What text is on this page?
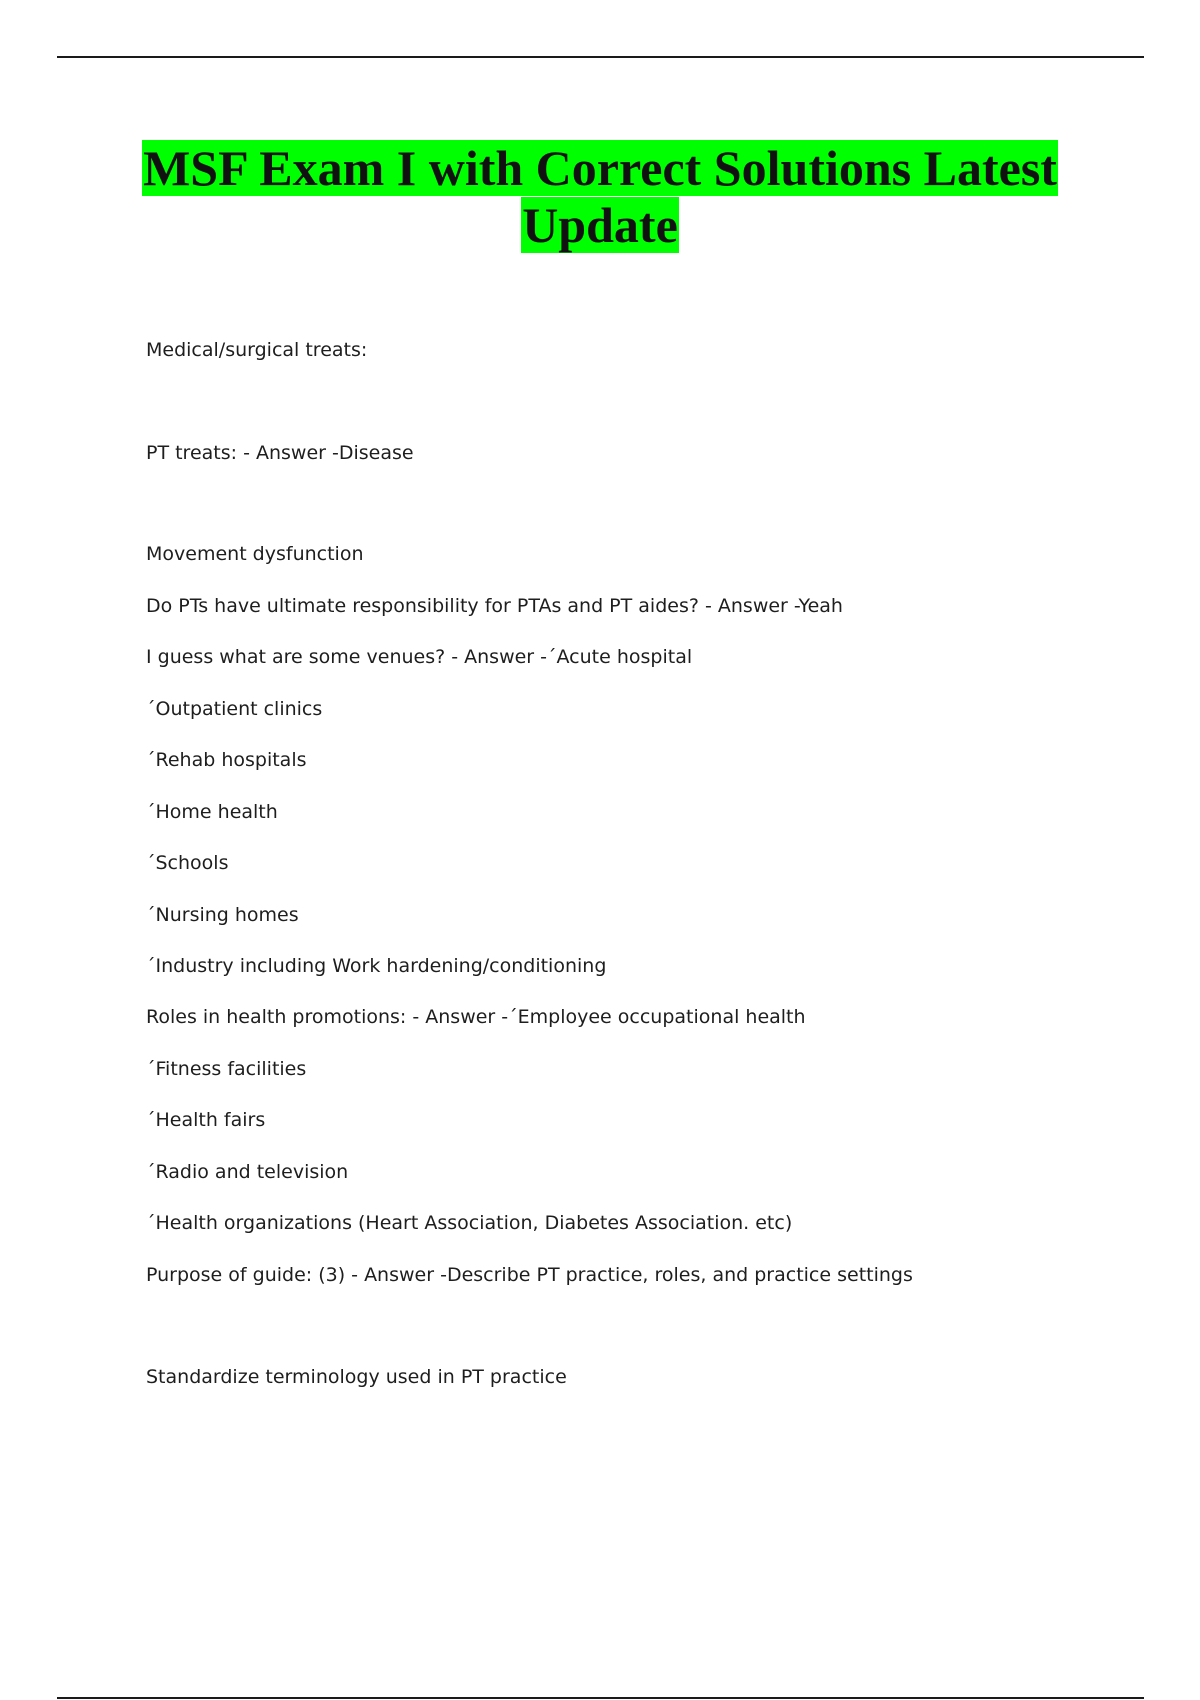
MSF Exam I with Correct Solutions Latest
Update
Medical/surgical treats:
PT treats: - Answer -Disease
Movement dysfunction
Do PTs have ultimate responsibility for PTAs and PT aides? - Answer -Yeah
I guess what are some venues? - Answer -´Acute hospital
´Outpatient clinics
´Rehab hospitals
´Home health
´Schools
´Nursing homes
´Industry including Work hardening/conditioning
Roles in health promotions: - Answer -´Employee occupational health
´Fitness facilities
´Health fairs
´Radio and television
´Health organizations (Heart Association, Diabetes Association. etc)
Purpose of guide: (3) - Answer -Describe PT practice, roles, and practice settings
Standardize terminology used in PT practice
